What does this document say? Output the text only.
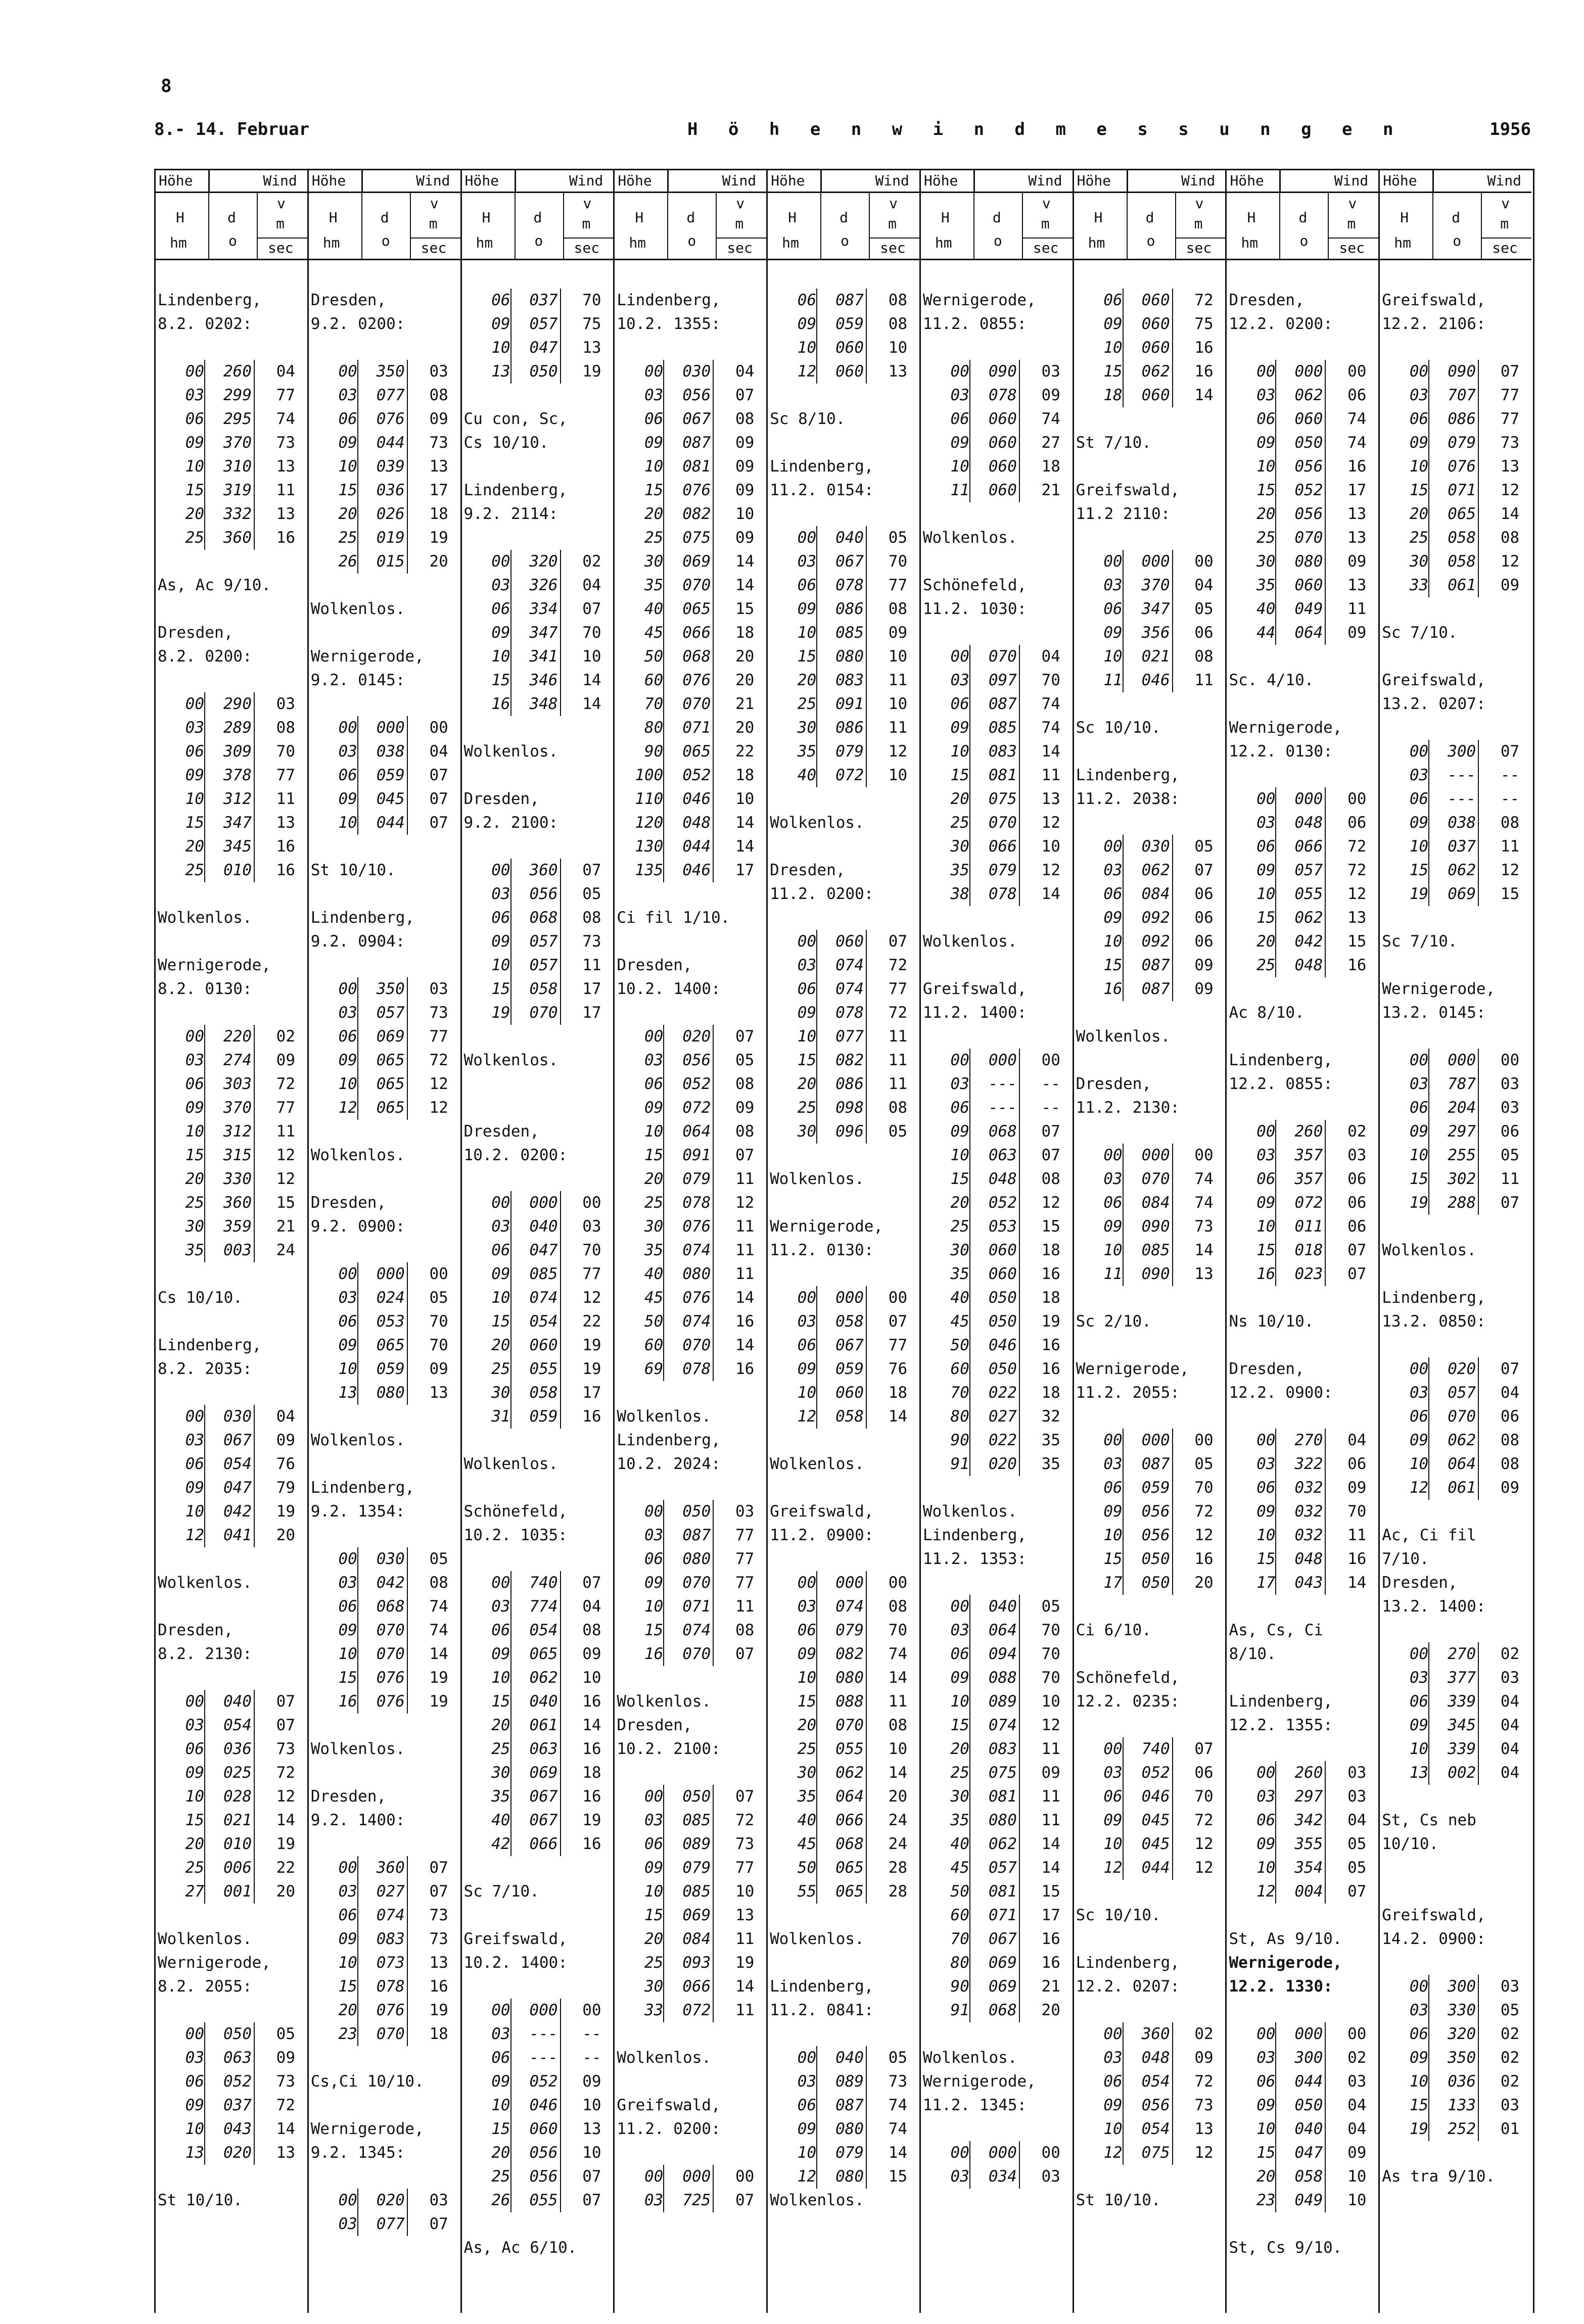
8
8.- 14. Februar	H ö h e n w i n d m e s s u n g e n	1956
Höhe	Wind
H
hm
d
o
v
m
sec
Lindenberg,
8.2. 0202:
00	260	04
03	299	77
06	295	74
09	370	73
10	310	13
15	319	11
20	332	13
25	360	16
As, Ac 9/10.
Dresden,
8.2. 0200:
00	290	03
03	289	08
06	309	70
09	378	77
10	312	11
15	347	13
20	345	16
25	010	16
Wolkenlos.
Wernigerode,
8.2. 0130:
00	220	02
03	274	09
06	303	72
09	370	77
10	312	11
15	315	12
20	330	12
25	360	15
30	359	21
35	003	24
Cs 10/10.
Lindenberg,
8.2. 2035:
00	030	04
03	067	09
06	054	76
09	047	79
10	042	19
12	041	20
Wolkenlos.
Dresden,
8.2. 2130:
00	040	07
03	054	07
06	036	73
09	025	72
10	028	12
15	021	14
20	010	19
25	006	22
27	001	20
Wolkenlos.
Wernigerode,
8.2. 2055:
00	050	05
03	063	09
06	052	73
09	037	72
10	043	14
13	020	13
St 10/10.
Höhe	Wind
H
hm
d
o
v
m
sec
Dresden,
9.2. 0200:
00	350	03
03	077	08
06	076	09
09	044	73
10	039	13
15	036	17
20	026	18
25	019	19
26	015	20
Wolkenlos.
Wernigerode,
9.2. 0145:
00	000	00
03	038	04
06	059	07
09	045	07
10	044	07
St 10/10.
Lindenberg,
9.2. 0904:
00	350	03
03	057	73
06	069	77
09	065	72
10	065	12
12	065	12
Wolkenlos.
Dresden,
9.2. 0900:
00	000	00
03	024	05
06	053	70
09	065	70
10	059	09
13	080	13
Wolkenlos.
Lindenberg,
9.2. 1354:
00	030	05
03	042	08
06	068	74
09	070	74
10	070	14
15	076	19
16	076	19
Wolkenlos.
Dresden,
9.2. 1400:
00	360	07
03	027	07
06	074	73
09	083	73
10	073	13
15	078	16
20	076	19
23	070	18
Cs,Ci 10/10.
Wernigerode,
9.2. 1345:
00	020	03
03	077	07
Höhe	Wind
H
hm
d
o
v
m
sec
06	037	70
09	057	75
10	047	13
13	050	19
Cu con, Sc,
Cs 10/10.
Lindenberg,
9.2. 2114:
00	320	02
03	326	04
06	334	07
09	347	70
10	341	10
15	346	14
16	348	14
Wolkenlos.
Dresden,
9.2. 2100:
00	360	07
03	056	05
06	068	08
09	057	73
10	057	11
15	058	17
19	070	17
Wolkenlos.
Dresden,
10.2. 0200:
00	000	00
03	040	03
06	047	70
09	085	77
10	074	12
15	054	22
20	060	19
25	055	19
30	058	17
31	059	16
Wolkenlos.
Schönefeld,
10.2. 1035:
00	740	07
03	774	04
06	054	08
09	065	09
10	062	10
15	040	16
20	061	14
25	063	16
30	069	18
35	067	16
40	067	19
42	066	16
Sc 7/10.
Greifswald,
10.2. 1400:
00	000	00
03	---	--
06	---	--
09	052	09
10	046	10
15	060	13
20	056	10
25	056	07
26	055	07
As, Ac 6/10.
Höhe	Wind
H
hm
d
o
v
m
sec
Lindenberg,
10.2. 1355:
00	030	04
03	056	07
06	067	08
09	087	09
10	081	09
15	076	09
20	082	10
25	075	09
30	069	14
35	070	14
40	065	15
45	066	18
50	068	20
60	076	20
70	070	21
80	071	20
90	065	22
100	052	18
110	046	10
120	048	14
130	044	14
135	046	17
Ci fil 1/10.
Dresden,
10.2. 1400:
00	020	07
03	056	05
06	052	08
09	072	09
10	064	08
15	091	07
20	079	11
25	078	12
30	076	11
35	074	11
40	080	11
45	076	14
50	074	16
60	070	14
69	078	16
Wolkenlos.
Lindenberg,
10.2. 2024:
00	050	03
03	087	77
06	080	77
09	070	77
10	071	11
15	074	08
16	070	07
Wolkenlos.
Dresden,
10.2. 2100:
00	050	07
03	085	72
06	089	73
09	079	77
10	085	10
15	069	13
20	084	11
25	093	19
30	066	14
33	072	11
Wolkenlos.
Greifswald,
11.2. 0200:
00	000	00
03	725	07
Höhe	Wind
H
hm
d
o
v
m
sec
06	087	08
09	059	08
10	060	10
12	060	13
Sc 8/10.
Lindenberg,
11.2. 0154:
00	040	05
03	067	70
06	078	77
09	086	08
10	085	09
15	080	10
20	083	11
25	091	10
30	086	11
35	079	12
40	072	10
Wolkenlos.
Dresden,
11.2. 0200:
00	060	07
03	074	72
06	074	77
09	078	72
10	077	11
15	082	11
20	086	11
25	098	08
30	096	05
Wolkenlos.
Wernigerode,
11.2. 0130:
00	000	00
03	058	07
06	067	77
09	059	76
10	060	18
12	058	14
Wolkenlos.
Greifswald,
11.2. 0900:
00	000	00
03	074	08
06	079	70
09	082	74
10	080	14
15	088	11
20	070	08
25	055	10
30	062	14
35	064	20
40	066	24
45	068	24
50	065	28
55	065	28
Wolkenlos.
Lindenberg,
11.2. 0841:
00	040	05
03	089	73
06	087	74
09	080	74
10	079	14
12	080	15
Wolkenlos.
Höhe	Wind
H
hm
d
o
v
m
sec
Wernigerode,
11.2. 0855:
00	090	03
03	078	09
06	060	74
09	060	27
10	060	18
11	060	21
Wolkenlos.
Schönefeld,
11.2. 1030:
00	070	04
03	097	70
06	087	74
09	085	74
10	083	14
15	081	11
20	075	13
25	070	12
30	066	10
35	079	12
38	078	14
Wolkenlos.
Greifswald,
11.2. 1400:
00	000	00
03	---	--
06	---	--
09	068	07
10	063	07
15	048	08
20	052	12
25	053	15
30	060	18
35	060	16
40	050	18
45	050	19
50	046	16
60	050	16
70	022	18
80	027	32
90	022	35
91	020	35
Wolkenlos.
Lindenberg,
11.2. 1353:
00	040	05
03	064	70
06	094	70
09	088	70
10	089	10
15	074	12
20	083	11
25	075	09
30	081	11
35	080	11
40	062	14
45	057	14
50	081	15
60	071	17
70	067	16
80	069	16
90	069	21
91	068	20
Wolkenlos.
Wernigerode,
11.2. 1345:
00	000	00
03	034	03
Höhe	Wind
H
hm
d
o
v
m
sec
06	060	72
09	060	75
10	060	16
15	062	16
18	060	14
St 7/10.
Greifswald,
11.2 2110:
00	000	00
03	370	04
06	347	05
09	356	06
10	021	08
11	046	11
Sc 10/10.
Lindenberg,
11.2. 2038:
00	030	05
03	062	07
06	084	06
09	092	06
10	092	06
15	087	09
16	087	09
Wolkenlos.
Dresden,
11.2. 2130:
00	000	00
03	070	74
06	084	74
09	090	73
10	085	14
11	090	13
Sc 2/10.
Wernigerode,
11.2. 2055:
00	000	00
03	087	05
06	059	70
09	056	72
10	056	12
15	050	16
17	050	20
Ci 6/10.
Schönefeld,
12.2. 0235:
00	740	07
03	052	06
06	046	70
09	045	72
10	045	12
12	044	12
Sc 10/10.
Lindenberg,
12.2. 0207:
00	360	02
03	048	09
06	054	72
09	056	73
10	054	13
12	075	12
St 10/10.
Höhe	Wind
H
hm
d
o
v
m
sec
Dresden,
12.2. 0200:
00	000	00
03	062	06
06	060	74
09	050	74
10	056	16
15	052	17
20	056	13
25	070	13
30	080	09
35	060	13
40	049	11
44	064	09
Sc. 4/10.
Wernigerode,
12.2. 0130:
00	000	00
03	048	06
06	066	72
09	057	72
10	055	12
15	062	13
20	042	15
25	048	16
Ac 8/10.
Lindenberg,
12.2. 0855:
00	260	02
03	357	03
06	357	06
09	072	06
10	011	06
15	018	07
16	023	07
Ns 10/10.
Dresden,
12.2. 0900:
00	270	04
03	322	06
06	032	09
09	032	70
10	032	11
15	048	16
17	043	14
As, Cs, Ci
8/10.
Lindenberg,
12.2. 1355:
00	260	03
03	297	03
06	342	04
09	355	05
10	354	05
12	004	07
St, As 9/10.
Wernigerode,
12.2. 1330:
00	000	00
03	300	02
06	044	03
09	050	04
10	040	04
15	047	09
20	058	10
23	049	10
St, Cs 9/10.
Höhe	Wind
H
hm
d
o
v
m
sec
Greifswald,
12.2. 2106:
00	090	07
03	707	77
06	086	77
09	079	73
10	076	13
15	071	12
20	065	14
25	058	08
30	058	12
33	061	09
Sc 7/10.
Greifswald,
13.2. 0207:
00	300	07
03	---	--
06	---	--
09	038	08
10	037	11
15	062	12
19	069	15
Sc 7/10.
Wernigerode,
13.2. 0145:
00	000	00
03	787	03
06	204	03
09	297	06
10	255	05
15	302	11
19	288	07
Wolkenlos.
Lindenberg,
13.2. 0850:
00	020	07
03	057	04
06	070	06
09	062	08
10	064	08
12	061	09
Ac, Ci fil
7/10.
Dresden,
13.2. 1400:
00	270	02
03	377	03
06	339	04
09	345	04
10	339	04
13	002	04
St, Cs neb
10/10.
Greifswald,
14.2. 0900:
00	300	03
03	330	05
06	320	02
09	350	02
10	036	02
15	133	03
19	252	01
As tra 9/10.
